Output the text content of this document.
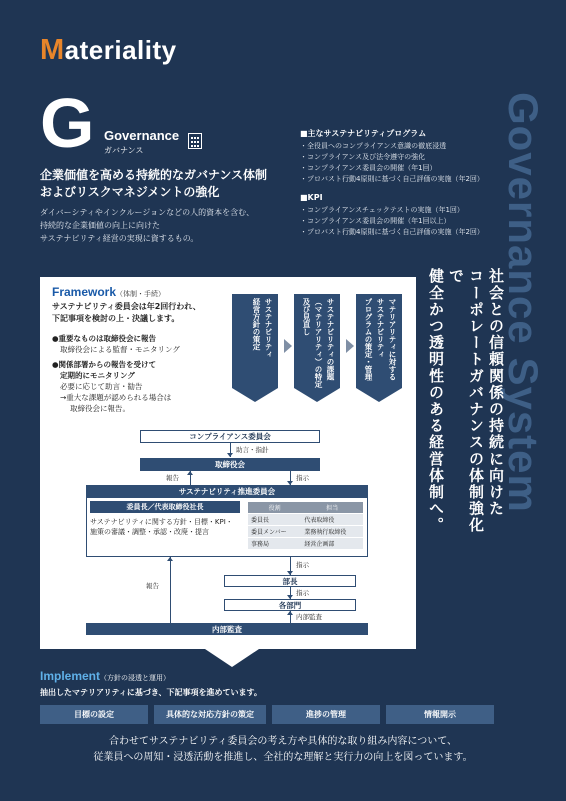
Materiality
G Governance
ガバナンス
企業価値を高める持続的なガバナンス体制
およびリスクマネジメントの強化
ダイバーシティやインクルージョンなどの人的資本を含む、
持続的な企業価値の向上に向けた
サステナビリティ経営の実現に資するもの。
■主なサステナビリティプログラム
・全役員へのコンプライアンス意識の徹底浸透
・コンプライアンス及び法令遵守の強化
・コンプライアンス委員会の開催（年1回）
・プロバスト行動4原則に基づく自己評価の実施（年2回）
■KPI
・コンプライアンスチェックテストの実施（年1回）
・コンプライアンス委員会の開催（年1回以上）
・プロバスト行動4原則に基づく自己評価の実施（年2回） Governance System
社会との信頼関係の持続に向けた
コーポレートガバナンスの体制強化で
健全かつ透明性のある経営体制へ。
Framework（体制・手続）
サステナビリティ委員会は年2回行われ、
下記事項を検討の上・決議します。
●重要なものは取締役会に報告
取締役会による監督・モニタリング
●関係部署からの報告を受けて
定期的にモニタリング
必要に応じて助言・勧告
→重大な課題が認められる場合は
取締役会に報告。
サステナビリティ
経営方針の策定	サステナビリティの課題
（マテリアリティ）の特定
及び見直し	マテリアリティに対する
サステナビリティ
プログラムの策定・管理
コンプライアンス委員会
助言・指針
取締役会
報告	指示
サステナビリティ推進委員会
委員長／代表取締役社長
サステナビリティに関する方針・目標・KPI・
施策の審議・調整・承認・改廃・提言
役割	担当
委員長	代表取締役
委員メンバー	業務執行取締役
事務局	経営企画部
指示
部長
指示
各部門
内部監査
報告
内部監査
Implement（方針の浸透と運用）
抽出したマテリアリティに基づき、下記事項を進めています。
目標の設定	具体的な対応方針の策定	進捗の管理	情報開示
合わせてサステナビリティ委員会の考え方や具体的な取り組み内容について、
従業員への周知・浸透活動を推進し、全社的な理解と実行力の向上を図っています。
